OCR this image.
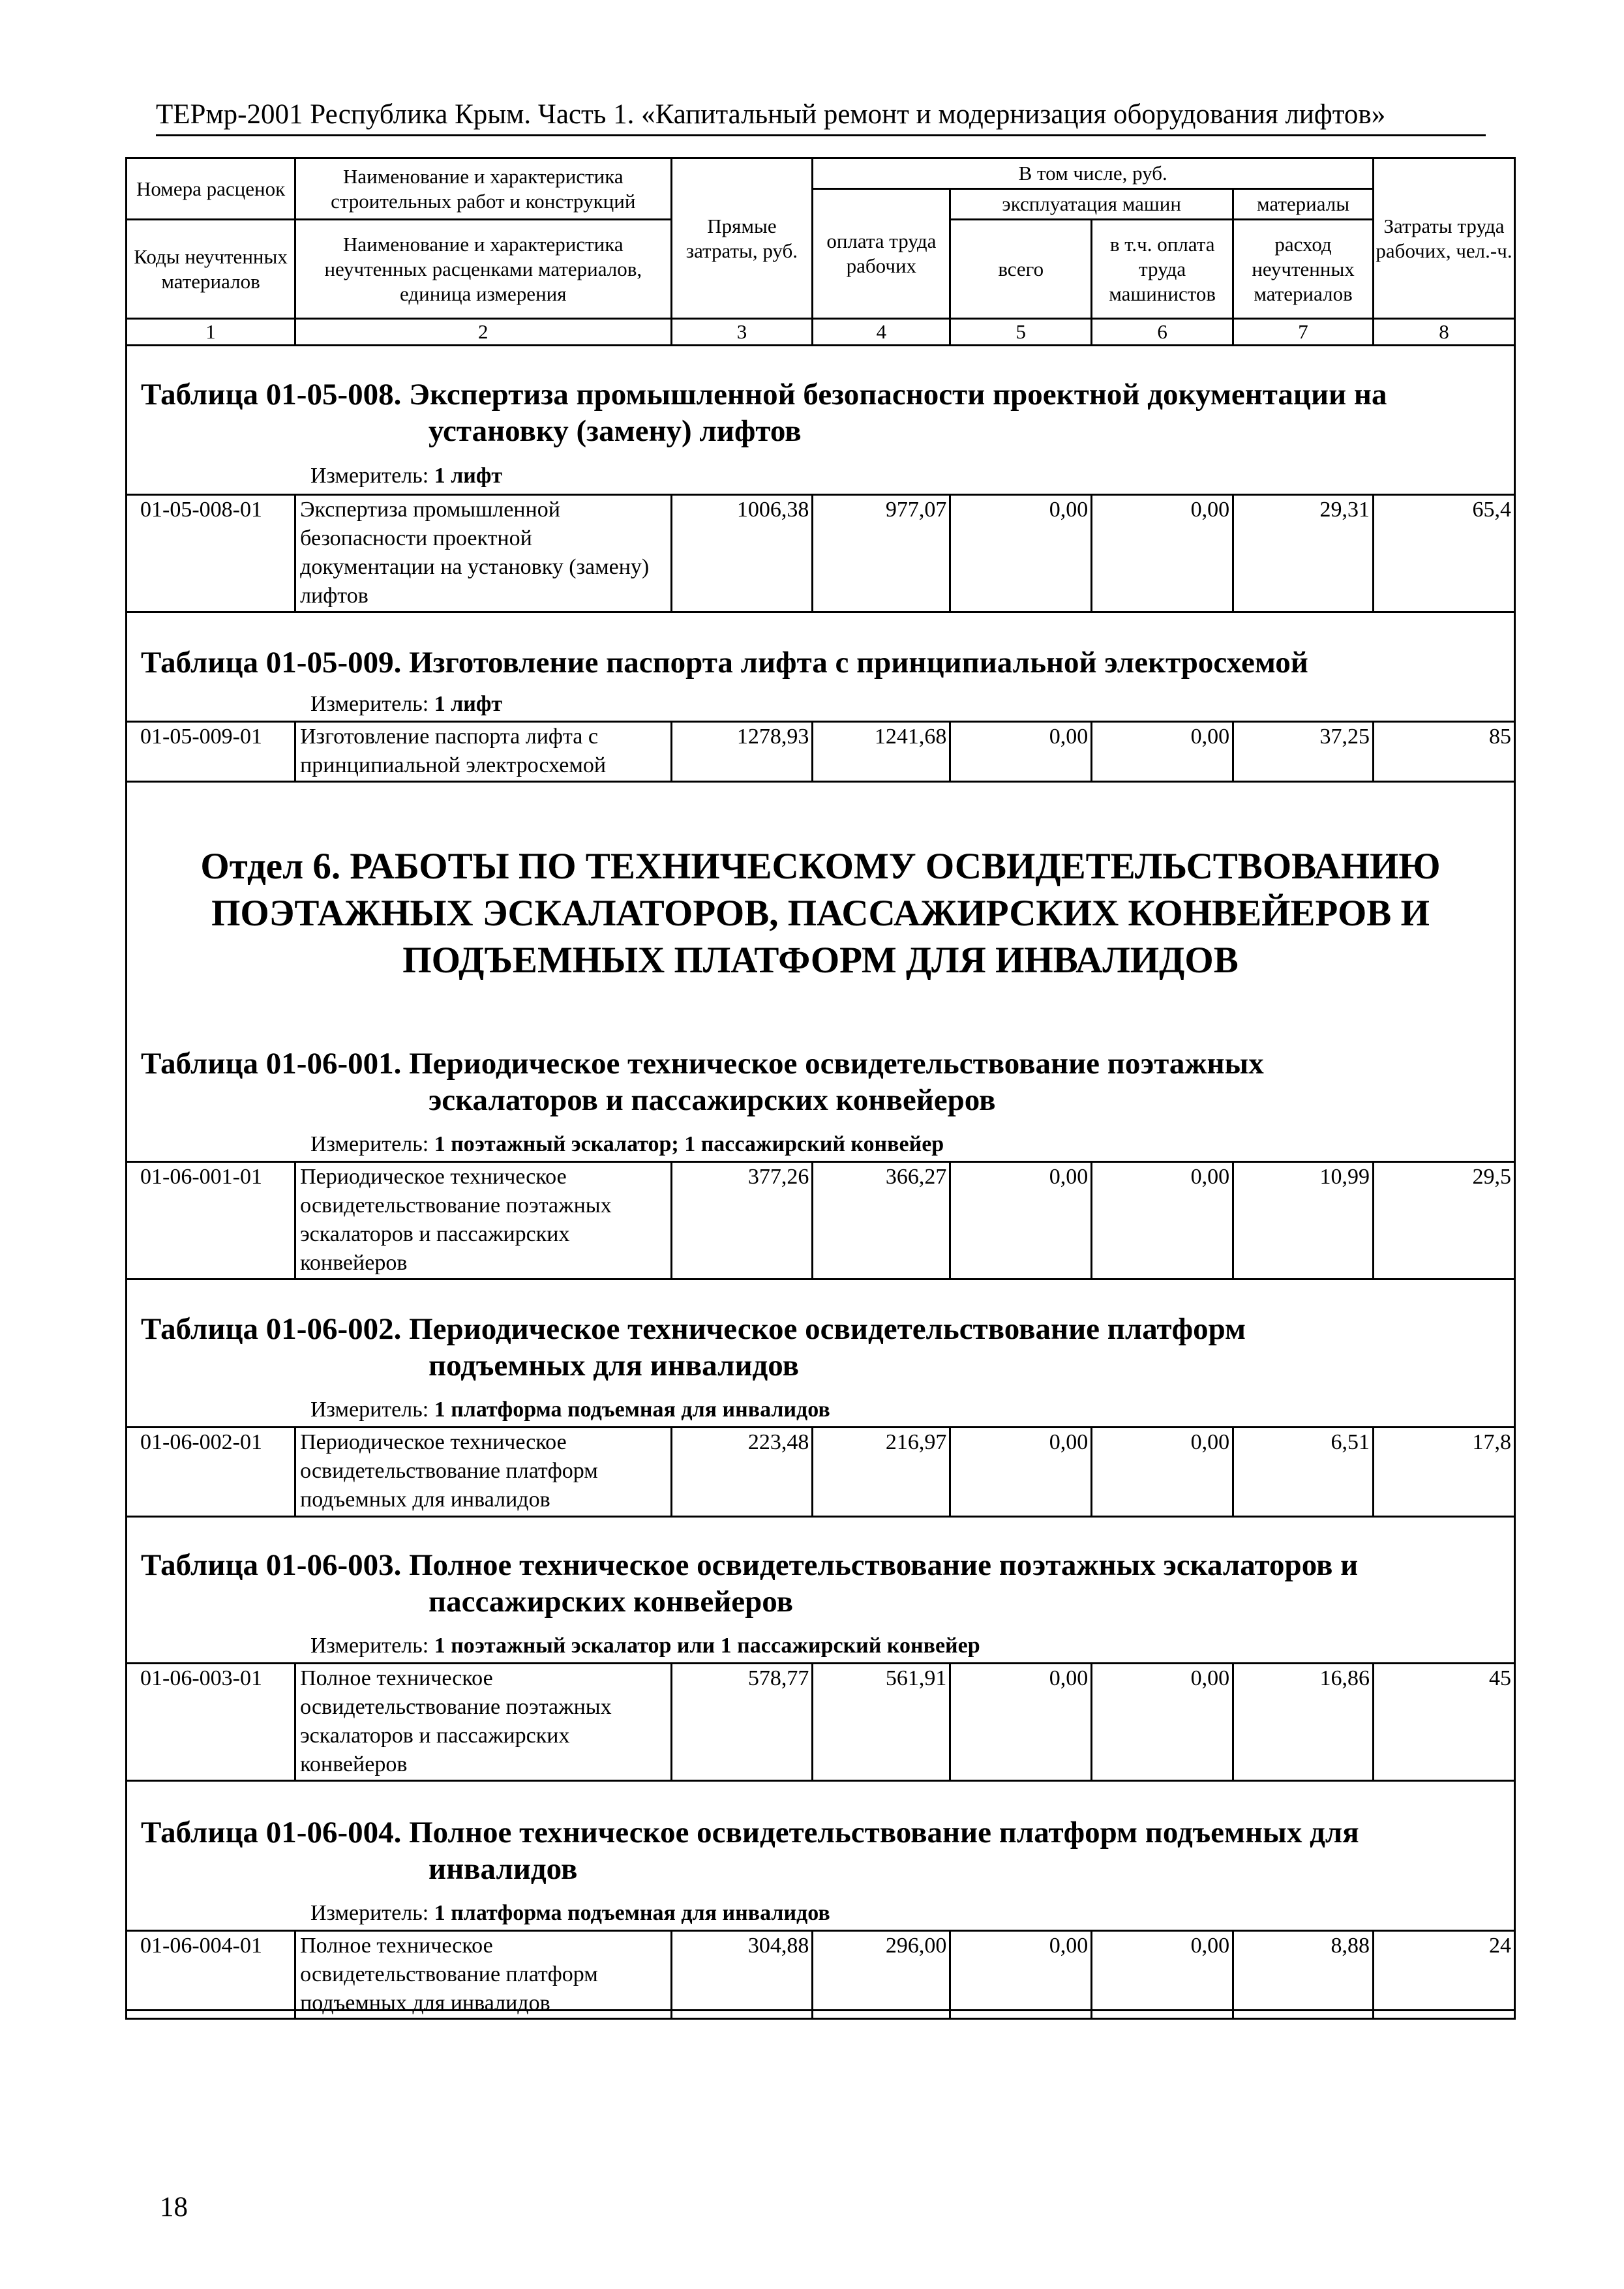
ТЕРмр-2001 Республика Крым. Часть 1. «Капитальный ремонт и модернизация оборудования лифтов»
Номера расценок	Наименование и характеристика строительных работ и конструкций	Прямые затраты, руб.	В том числе, руб.				Затраты труда рабочих, чел.-ч.
			оплата труда рабочих	эксплуатация машин		материалы	
Коды неучтенных материалов	Наименование и характеристика неучтенных расценками материалов, единица измерения			всего	в т.ч. оплата труда машинистов	расход неучтенных материалов	

1	2	3	4	5	6	7	8
Таблица 01-05-008. Экспертиза промышленной безопасности проектной документации на
установку (замену) лифтов
Измеритель: 1 лифт
01-05-008-01	Экспертиза промышленной безопасности проектной документации на установку (замену) лифтов	1006,38	977,07	0,00	0,00	29,31	65,4
Таблица 01-05-009. Изготовление паспорта лифта с принципиальной электросхемой
Измеритель: 1 лифт
01-05-009-01	Изготовление паспорта лифта с принципиальной электросхемой	1278,93	1241,68	0,00	0,00	37,25	85
Отдел 6. РАБОТЫ ПО ТЕХНИЧЕСКОМУ ОСВИДЕТЕЛЬСТВОВАНИЮ
ПОЭТАЖНЫХ ЭСКАЛАТОРОВ, ПАССАЖИРСКИХ КОНВЕЙЕРОВ И
ПОДЪЕМНЫХ ПЛАТФОРМ ДЛЯ ИНВАЛИДОВ
Таблица 01-06-001. Периодическое техническое освидетельствование поэтажных
эскалаторов и пассажирских конвейеров
Измеритель: 1 поэтажный эскалатор; 1 пассажирский конвейер
01-06-001-01	Периодическое техническое освидетельствование поэтажных эскалаторов и пассажирских конвейеров	377,26	366,27	0,00	0,00	10,99	29,5
Таблица 01-06-002. Периодическое техническое освидетельствование платформ
подъемных для инвалидов
Измеритель: 1 платформа подъемная для инвалидов
01-06-002-01	Периодическое техническое освидетельствование платформ подъемных для инвалидов	223,48	216,97	0,00	0,00	6,51	17,8
Таблица 01-06-003. Полное техническое освидетельствование поэтажных эскалаторов и
пассажирских конвейеров
Измеритель: 1 поэтажный эскалатор или 1 пассажирский конвейер
01-06-003-01	Полное техническое освидетельствование поэтажных эскалаторов и пассажирских конвейеров	578,77	561,91	0,00	0,00	16,86	45
Таблица 01-06-004. Полное техническое освидетельствование платформ подъемных для
инвалидов
Измеритель: 1 платформа подъемная для инвалидов
01-06-004-01	Полное техническое освидетельствование платформ подъемных для инвалидов	304,88	296,00	0,00	0,00	8,88	24
18
